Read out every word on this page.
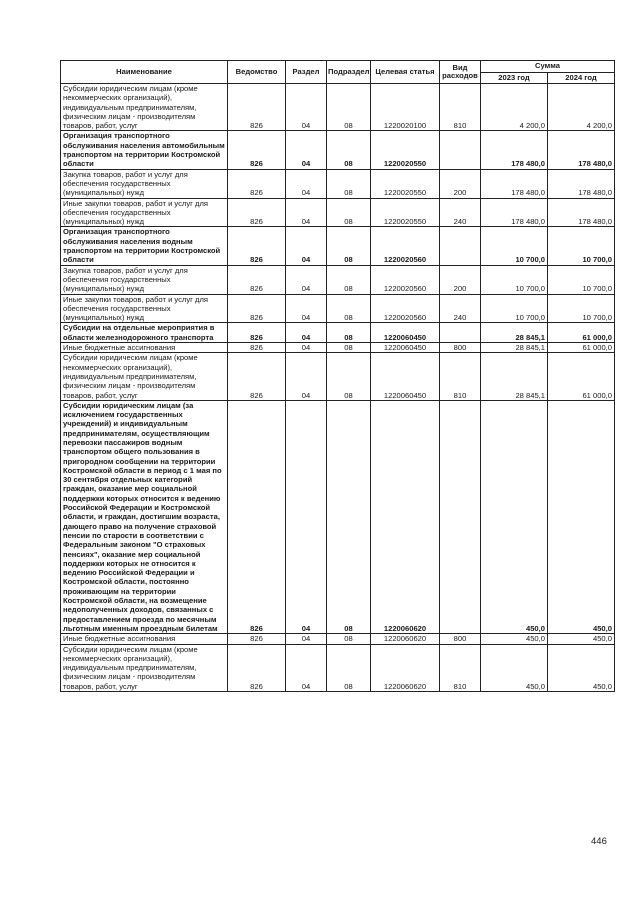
Наименование	Ведомство	Раздел	Подраздел	Целевая статья	Вид расходов	Сумма	
						2023 год	2024 год
Субсидии юридическим лицам (кроме некоммерческих организаций), индивидуальным предпринимателям, физическим лицам - производителям товаров, работ, услуг	826	04	08	1220020100	810	4 200,0	4 200,0
Организация транспортного обслуживания населения автомобильным транспортом на территории Костромской области	826	04	08	1220020550		178 480,0	178 480,0
Закупка товаров, работ и услуг для обеспечения государственных (муниципальных) нужд	826	04	08	1220020550	200	178 480,0	178 480,0
Иные закупки товаров, работ и услуг для обеспечения государственных (муниципальных) нужд	826	04	08	1220020550	240	178 480,0	178 480,0
Организация транспортного обслуживания населения водным транспортом на территории Костромской области	826	04	08	1220020560		10 700,0	10 700,0
Закупка товаров, работ и услуг для обеспечения государственных (муниципальных) нужд	826	04	08	1220020560	200	10 700,0	10 700,0
Иные закупки товаров, работ и услуг для обеспечения государственных (муниципальных) нужд	826	04	08	1220020560	240	10 700,0	10 700,0
Субсидии на отдельные мероприятия в области железнодорожного транспорта	826	04	08	1220060450		28 845,1	61 000,0
Иные бюджетные ассигнования	826	04	08	1220060450	800	28 845,1	61 000,0
Субсидии юридическим лицам (кроме некоммерческих организаций), индивидуальным предпринимателям, физическим лицам - производителям товаров, работ, услуг	826	04	08	1220060450	810	28 845,1	61 000,0
Субсидии юридическим лицам (за исключением государственных учреждений) и индивидуальным предпринимателям, осуществляющим перевозки пассажиров водным транспортом общего пользования в пригородном сообщении на территории Костромской области в период с 1 мая по 30 сентября отдельных категорий граждан, оказание мер социальной поддержки которых относится к ведению Российской Федерации и Костромской области, и граждан, достигшим возраста, дающего право на получение страховой пенсии по старости в соответствии с Федеральным законом "О страховых пенсиях", оказание мер социальной поддержки которых не относится к ведению Российской Федерации и Костромской области, постоянно проживающим на территории Костромской области, на возмещение недополученных доходов, связанных с предоставлением проезда по месячным льготным именным проездным билетам	826	04	08	1220060620		450,0	450,0
Иные бюджетные ассигнования	826	04	08	1220060620	800	450,0	450,0
Субсидии юридическим лицам (кроме некоммерческих организаций), индивидуальным предпринимателям, физическим лицам - производителям товаров, работ, услуг	826	04	08	1220060620	810	450,0	450,0
446
